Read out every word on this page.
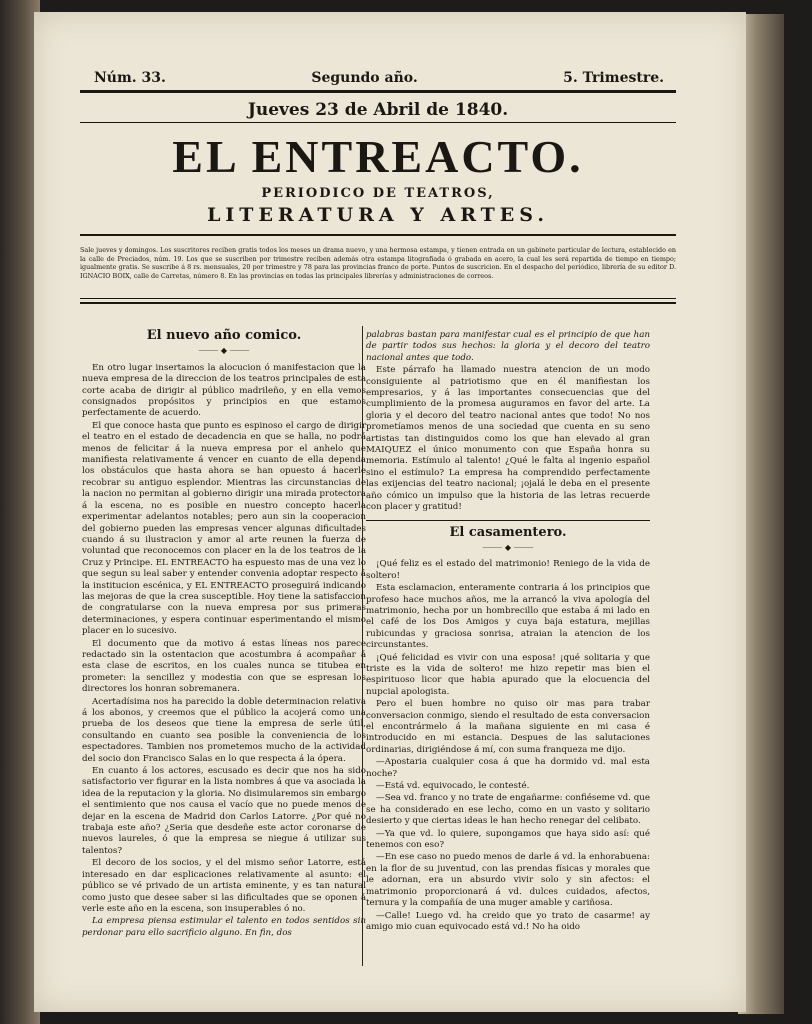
Núm. 33.	Segundo año.	5. Trimestre.
Jueves 23 de Abril de 1840.
EL ENTREACTO.
PERIODICO DE TEATROS,
LITERATURA Y ARTES.
Sale jueves y domingos. Los suscritores reciben gratis todos los meses un drama nuevo, y una hermosa estampa, y tienen entrada en un gabinete particular de lectura, establecido en la calle de Preciados, núm. 19. Los que se suscriben por trimestre reciben además otra estampa litografiada ó grabada en acero, la cual les será repartida de tiempo en tiempo; igualmente gratis. Se suscribe á 8 rs. mensuales, 20 por trimestre y 78 para las provincias franco de porte. Puntos de suscricion. En el despacho del periódico, librería de su editor D. IGNACIO BOIX, calle de Carretas, número 8. En las provincias en todas las principales librerías y administraciones de correos.
El nuevo año comico.
⸻ ◆ ⸻

En otro lugar insertamos la alocucion ó manifestacion que la nueva empresa de la direccion de los teatros principales de esta corte acaba de dirigir al público madrileño, y en ella vemos consignados propósitos y principios en que estamos perfectamente de acuerdo.

El que conoce hasta que punto es espinoso el cargo de dirigir el teatro en el estado de decadencia en que se halla, no podrá menos de felicitar á la nueva empresa por el anhelo que manifiesta relativamente á vencer en cuanto de ella dependa los obstáculos que hasta ahora se han opuesto á hacerle recobrar su antiguo esplendor. Mientras las circunstancias de la nacion no permitan al gobierno dirigir una mirada protectora á la escena, no es posible en nuestro concepto hacerla experimentar adelantos notables; pero aun sin la cooperacion del gobierno pueden las empresas vencer algunas dificultades cuando á su ilustracion y amor al arte reunen la fuerza de voluntad que reconocemos con placer en la de los teatros de la Cruz y Principe. EL ENTREACTO ha espuesto mas de una vez lo que segun su leal saber y entender convenia adoptar respecto á la institucion escénica, y EL ENTREACTO proseguirá indicando las mejoras de que la crea susceptible. Hoy tiene la satisfaccion de congratularse con la nueva empresa por sus primeras determinaciones, y espera continuar esperimentando el mismo placer en lo sucesivo.

El documento que da motivo á estas líneas nos parece redactado sin la ostentacion que acostumbra á acompañar á esta clase de escritos, en los cuales nunca se titubea en prometer: la sencillez y modestia con que se espresan los directores los honran sobremanera.

Acertadísima nos ha parecido la doble determinacion relativa á los abonos, y creemos que el público la acojerá como una prueba de los deseos que tiene la empresa de serle útil, consultando en cuanto sea posible la conveniencia de los espectadores. Tambien nos prometemos mucho de la actividad del socio don Francisco Salas en lo que respecta á la ópera.

En cuanto á los actores, escusado es decir que nos ha sido satisfactorio ver figurar en la lista nombres á que va asociada la idea de la reputacion y la gloria. No disimularemos sin embargo el sentimiento que nos causa el vacío que no puede menos de dejar en la escena de Madrid don Carlos Latorre. ¿Por qué no trabaja este año? ¿Seria que desdeñe este actor coronarse de nuevos laureles, ó que la empresa se niegue á utilizar sus talentos?

El decoro de los socios, y el del mismo señor Latorre, está interesado en dar esplicaciones relativamente al asunto: el público se vé privado de un artista eminente, y es tan natural como justo que desee saber si las dificultades que se oponen á verle este año en la escena, son insuperables ó no.

La empresa piensa estimular el talento en todos sentidos sin perdonar para ello sacrificio alguno. En fin, dos

palabras bastan para manifestar cual es el principio de que han de partir todos sus hechos: la gloria y el decoro del teatro nacional antes que todo.

Este párrafo ha llamado nuestra atencion de un modo consiguiente al patriotismo que en él manifiestan los empresarios, y á las importantes consecuencias que del cumplimiento de la promesa auguramos en favor del arte. La gloria y el decoro del teatro nacional antes que todo! No nos prometíamos menos de una sociedad que cuenta en su seno artistas tan distinguidos como los que han elevado al gran MAIQUEZ el único monumento con que España honra su memoria. Estímulo al talento! ¿Qué le falta al ingenio español sino el estímulo? La empresa ha comprendido perfectamente las exijencias del teatro nacional; ¡ojalá le deba en el presente año cómico un impulso que la historia de las letras recuerde con placer y gratitud!

El casamentero.
⸻ ◆ ⸻

¡Qué feliz es el estado del matrimonio! Reniego de la vida de soltero!

Esta esclamacion, enteramente contraria á los principios que profeso hace muchos años, me la arrancó la viva apología del matrimonio, hecha por un hombrecillo que estaba á mi lado en el café de los Dos Amigos y cuya baja estatura, mejillas rubicundas y graciosa sonrisa, atraian la atencion de los circunstantes.

¡Qué felicidad es vivir con una esposa! ¡qué solitaria y que triste es la vida de soltero! me hizo repetir mas bien el espirituoso licor que habia apurado que la elocuencia del nupcial apologista.

Pero el buen hombre no quiso oir mas para trabar conversacion conmigo, siendo el resultado de esta conversacion el encontrármelo á la mañana siguiente en mi casa é introducido en mi estancia. Despues de las salutaciones ordinarias, dirigiéndose á mí, con suma franqueza me dijo.

—Apostaria cualquier cosa á que ha dormido vd. mal esta noche?

—Está vd. equivocado, le contesté.

—Sea vd. franco y no trate de engañarme: confiéseme vd. que se ha considerado en ese lecho, como en un vasto y solitario desierto y que ciertas ideas le han hecho renegar del celibato.

—Ya que vd. lo quiere, supongamos que haya sido así: qué tenemos con eso?

—En ese caso no puedo menos de darle á vd. la enhorabuena: en la flor de su juventud, con las prendas físicas y morales que le adornan, era un absurdo vivir solo y sin afectos: el matrimonio proporcionará á vd. dulces cuidados, afectos, ternura y la compañía de una muger amable y cariñosa.

—Calle! Luego vd. ha creido que yo trato de casarme! ay amigo mio cuan equivocado está vd.! No ha oido
